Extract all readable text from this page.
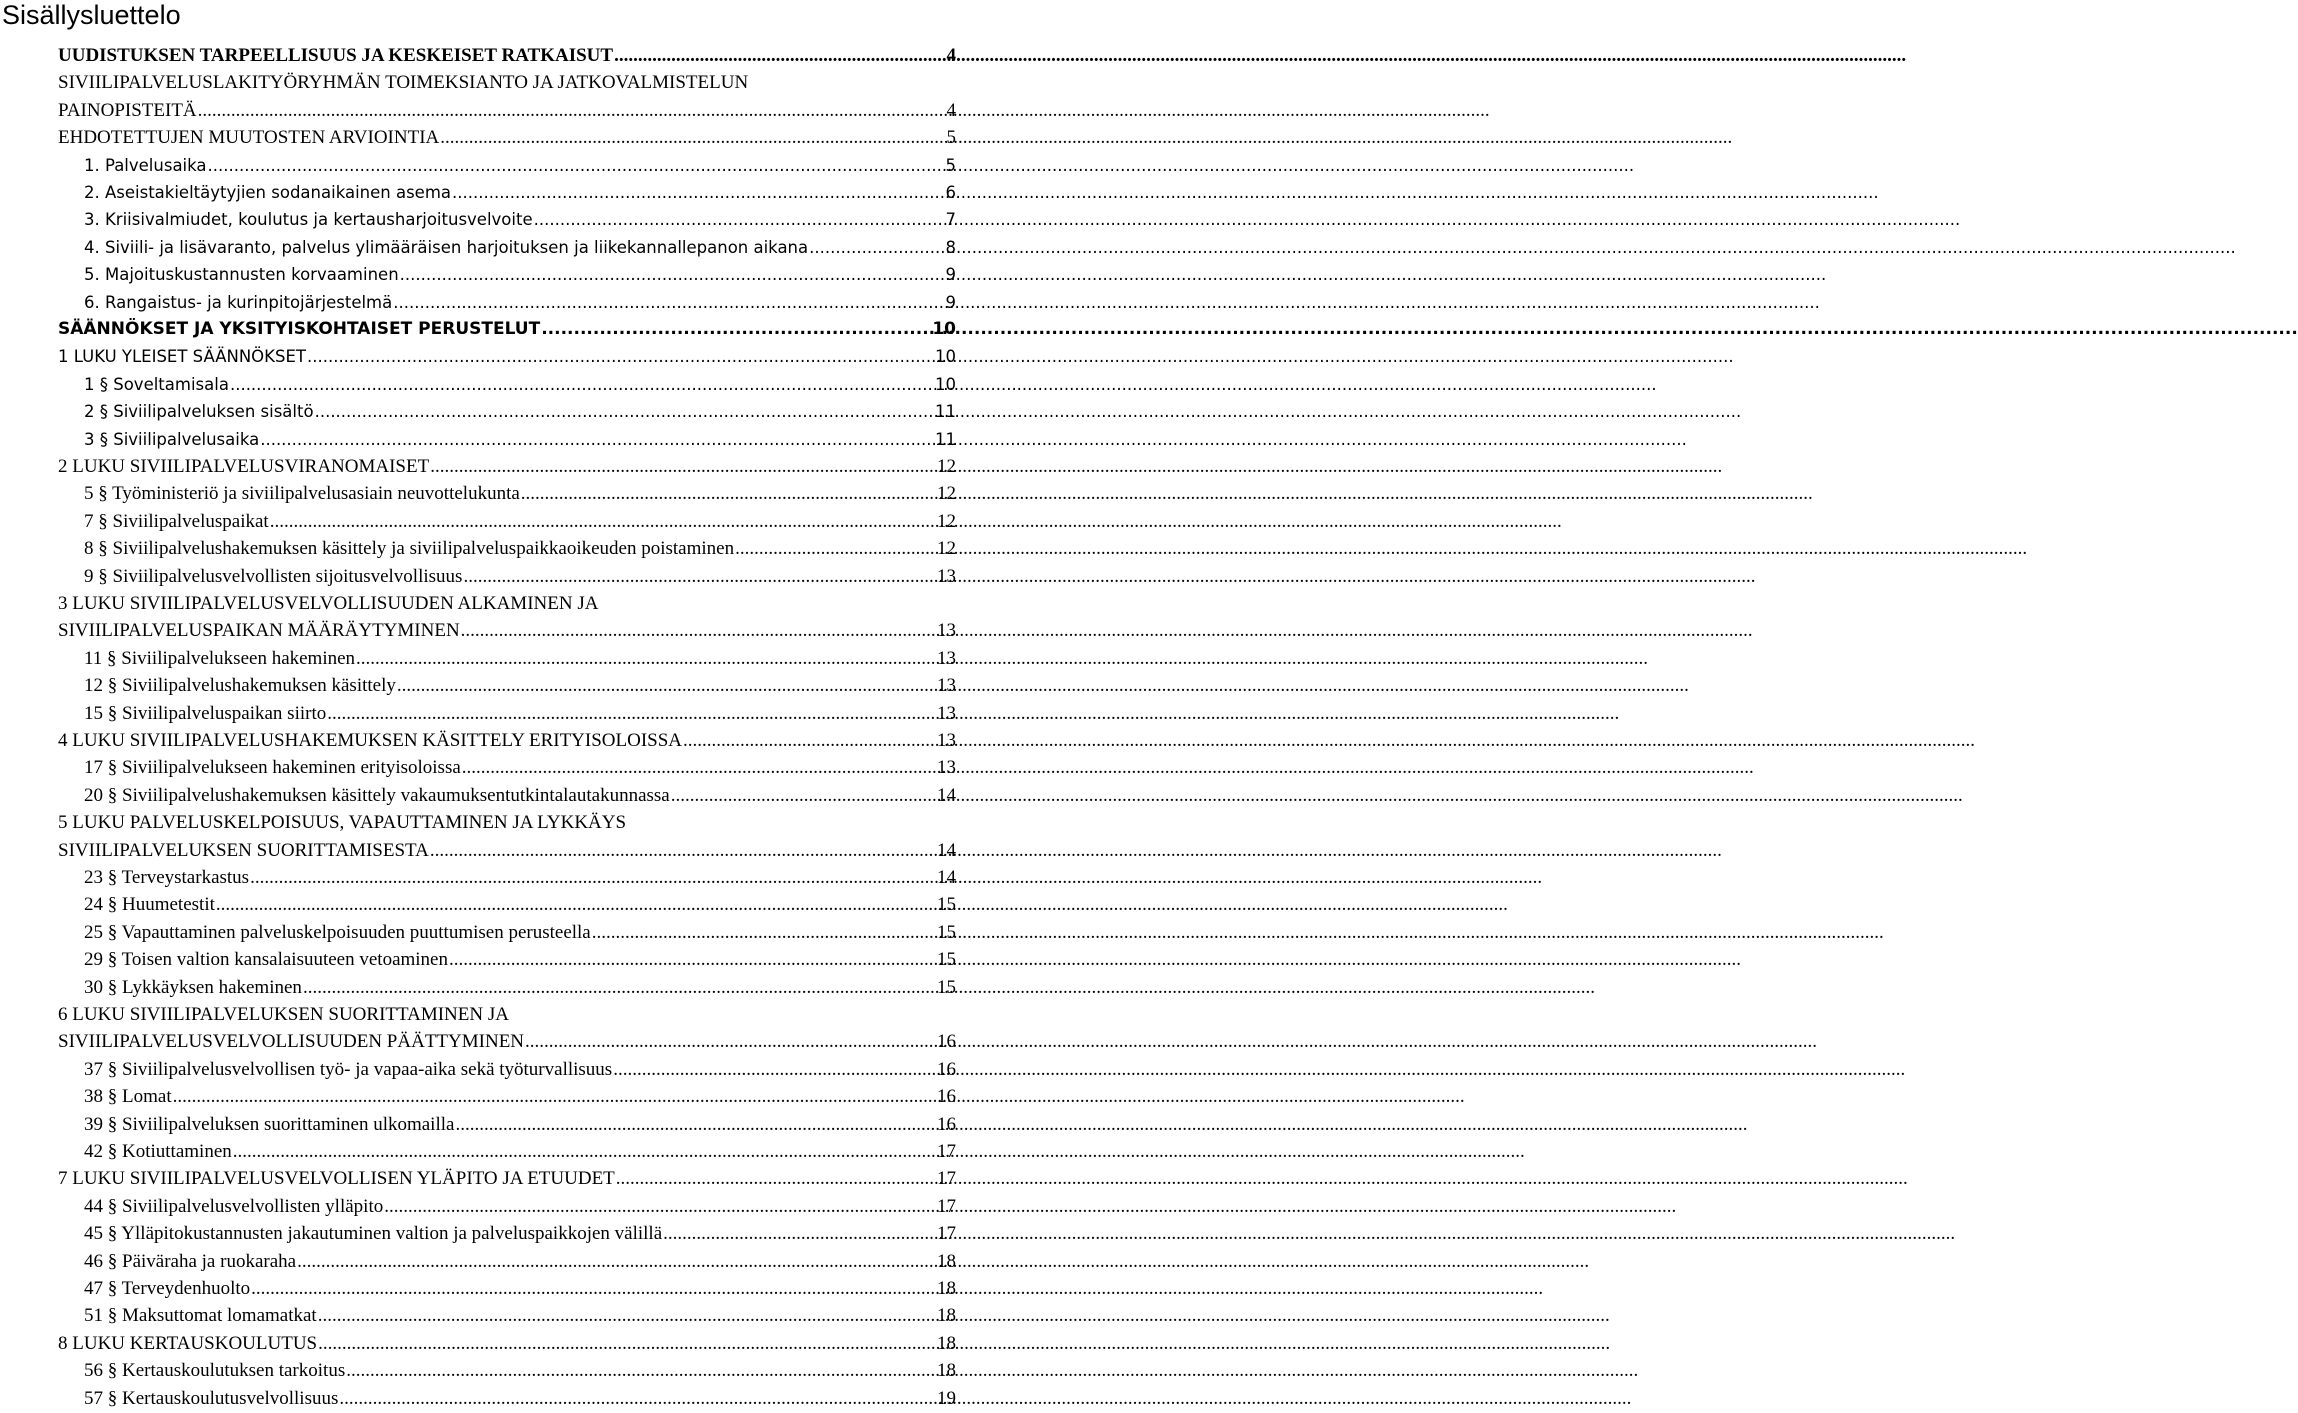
Sisällysluettelo
UUDISTUKSEN TARPEELLISUUS JA KESKEISET RATKAISUT .....	4
SIVIILIPALVELUSLAKITYÖRYHMÄN TOIMEKSIANTO JA JATKOVALMISTELUN
PAINOPISTEITÄ .....	4
EHDOTETTUJEN MUUTOSTEN ARVIOINTIA .....	5
1. Palvelusaika .....	5
2. Aseistakieltäytyjien sodanaikainen asema .....	6
3. Kriisivalmiudet, koulutus ja kertausharjoitusvelvoite .....	7
4. Siviili- ja lisävaranto, palvelus ylimääräisen harjoituksen ja liikekannallepanon aikana .....	8
5. Majoituskustannusten korvaaminen .....	9
6. Rangaistus- ja kurinpitojärjestelmä .....	9
SÄÄNNÖKSET JA YKSITYISKOHTAISET PERUSTELUT .....	10
1 LUKU YLEISET SÄÄNNÖKSET .....	10
1 § Soveltamisala .....	10
2 § Siviilipalveluksen sisältö .....	11
3 § Siviilipalvelusaika .....	11
2 LUKU SIVIILIPALVELUSVIRANOMAISET .....	12
5 § Työministeriö ja siviilipalvelusasiain neuvottelukunta .....	12
7 § Siviilipalveluspaikat .....	12
8 § Siviilipalvelushakemuksen käsittely ja siviilipalveluspaikkaoikeuden poistaminen .....	12
9 § Siviilipalvelusvelvollisten sijoitusvelvollisuus .....	13
3 LUKU SIVIILIPALVELUSVELVOLLISUUDEN ALKAMINEN JA
SIVIILIPALVELUSPAIKAN MÄÄRÄYTYMINEN .....	13
11 § Siviilipalvelukseen hakeminen .....	13
12 § Siviilipalvelushakemuksen käsittely .....	13
15 § Siviilipalveluspaikan siirto .....	13
4 LUKU SIVIILIPALVELUSHAKEMUKSEN KÄSITTELY ERITYISOLOISSA .....	13
17 § Siviilipalvelukseen hakeminen erityisoloissa .....	13
20 § Siviilipalvelushakemuksen käsittely vakaumuksentutkintalautakunnassa .....	14
5 LUKU PALVELUSKELPOISUUS, VAPAUTTAMINEN JA LYKKÄYS
SIVIILIPALVELUKSEN SUORITTAMISESTA .....	14
23 § Terveystarkastus .....	14
24 § Huumetestit .....	15
25 § Vapauttaminen palveluskelpoisuuden puuttumisen perusteella .....	15
29 § Toisen valtion kansalaisuuteen vetoaminen .....	15
30 § Lykkäyksen hakeminen .....	15
6 LUKU SIVIILIPALVELUKSEN SUORITTAMINEN JA
SIVIILIPALVELUSVELVOLLISUUDEN PÄÄTTYMINEN .....	16
37 § Siviilipalvelusvelvollisen työ- ja vapaa-aika sekä työturvallisuus .....	16
38 § Lomat .....	16
39 § Siviilipalveluksen suorittaminen ulkomailla .....	16
42 § Kotiuttaminen .....	17
7 LUKU SIVIILIPALVELUSVELVOLLISEN YLÄPITO JA ETUUDET .....	17
44 § Siviilipalvelusvelvollisten ylläpito .....	17
45 § Ylläpitokustannusten jakautuminen valtion ja palveluspaikkojen välillä .....	17
46 § Päiväraha ja ruokaraha .....	18
47 § Terveydenhuolto .....	18
51 § Maksuttomat lomamatkat .....	18
8 LUKU KERTAUSKOULUTUS .....	18
56 § Kertauskoulutuksen tarkoitus .....	18
57 § Kertauskoulutusvelvollisuus .....	19
